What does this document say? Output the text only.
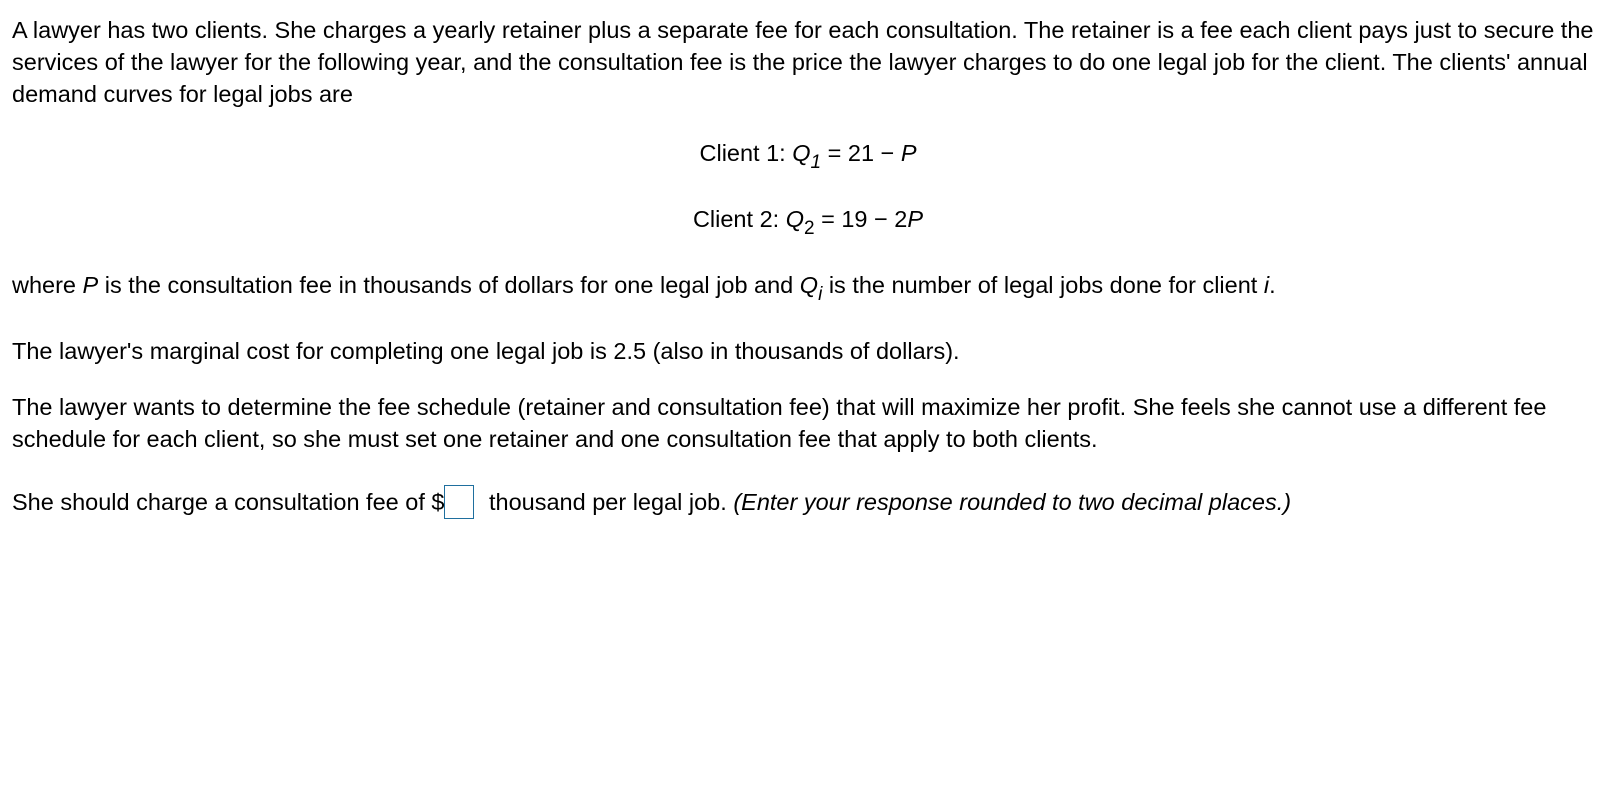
A lawyer has two clients. She charges a yearly retainer plus a separate fee for each consultation. The retainer is a fee each client pays just to secure the services of the lawyer for the following year, and the consultation fee is the price the lawyer charges to do one legal job for the client. The clients' annual demand curves for legal jobs are

Client 1: $Q_1 = 21 - P$

Client 2: $Q_2 = 19 - 2P$

where P is the consultation fee in thousands of dollars for one legal job and $Q_i$ is the number of legal jobs done for client i.

The lawyer's marginal cost for completing one legal job is 2.5 (also in thousands of dollars).

The lawyer wants to determine the fee schedule (retainer and consultation fee) that will maximize her profit. She feels she cannot use a different fee schedule for each client, so she must set one retainer and one consultation fee that apply to both clients.

She should charge a consultation fee of $ thousand per legal job. (Enter your response rounded to two decimal places.)
